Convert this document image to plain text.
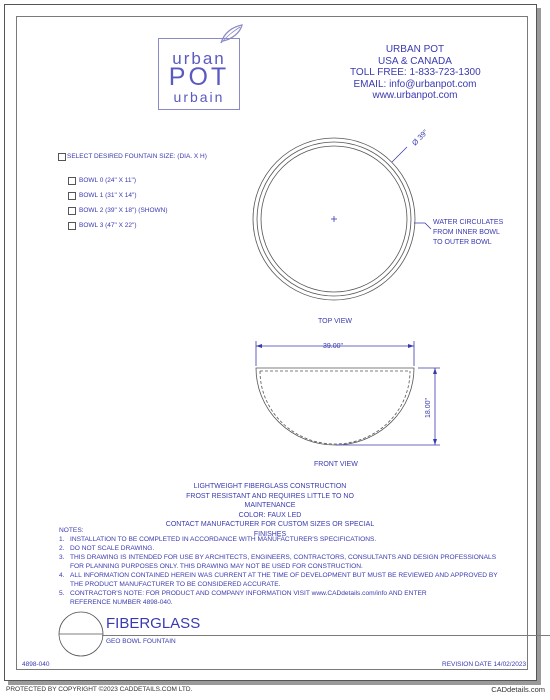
urban
POT
urbain
URBAN POT
USA & CANADA
TOLL FREE: 1-833-723-1300
EMAIL: info@urbanpot.com
www.urbanpot.com
SELECT DESIRED FOUNTAIN SIZE: (DIA. X H)
BOWL 0 (24" X 11")
BOWL 1 (31" X 14")
BOWL 2 (39" X 18") (SHOWN)
BOWL 3 (47" X 22")
Ø 39"
WATER CIRCULATES
FROM INNER BOWL
TO OUTER BOWL
TOP VIEW
39.00"
18.00"
FRONT VIEW
LIGHTWEIGHT FIBERGLASS CONSTRUCTION
FROST RESISTANT AND REQUIRES LITTLE TO NO MAINTENANCE
COLOR: FAUX LED
CONTACT MANUFACTURER FOR CUSTOM SIZES OR SPECIAL FINISHES
NOTES:
1. INSTALLATION TO BE COMPLETED IN ACCORDANCE WITH MANUFACTURER'S SPECIFICATIONS.
2. DO NOT SCALE DRAWING.
3. THIS DRAWING IS INTENDED FOR USE BY ARCHITECTS, ENGINEERS, CONTRACTORS, CONSULTANTS AND DESIGN PROFESSIONALS
FOR PLANNING PURPOSES ONLY. THIS DRAWING MAY NOT BE USED FOR CONSTRUCTION.
4. ALL INFORMATION CONTAINED HEREIN WAS CURRENT AT THE TIME OF DEVELOPMENT BUT MUST BE REVIEWED AND APPROVED BY
THE PRODUCT MANUFACTURER TO BE CONSIDERED ACCURATE.
5. CONTRACTOR'S NOTE: FOR PRODUCT AND COMPANY INFORMATION VISIT www.CADdetails.com/info AND ENTER
REFERENCE NUMBER 4898-040.
FIBERGLASS
GEO BOWL FOUNTAIN
4898-040	REVISION DATE 14/02/2023
PROTECTED BY COPYRIGHT ©2023 CADDETAILS.COM LTD.	CADdetails.com
